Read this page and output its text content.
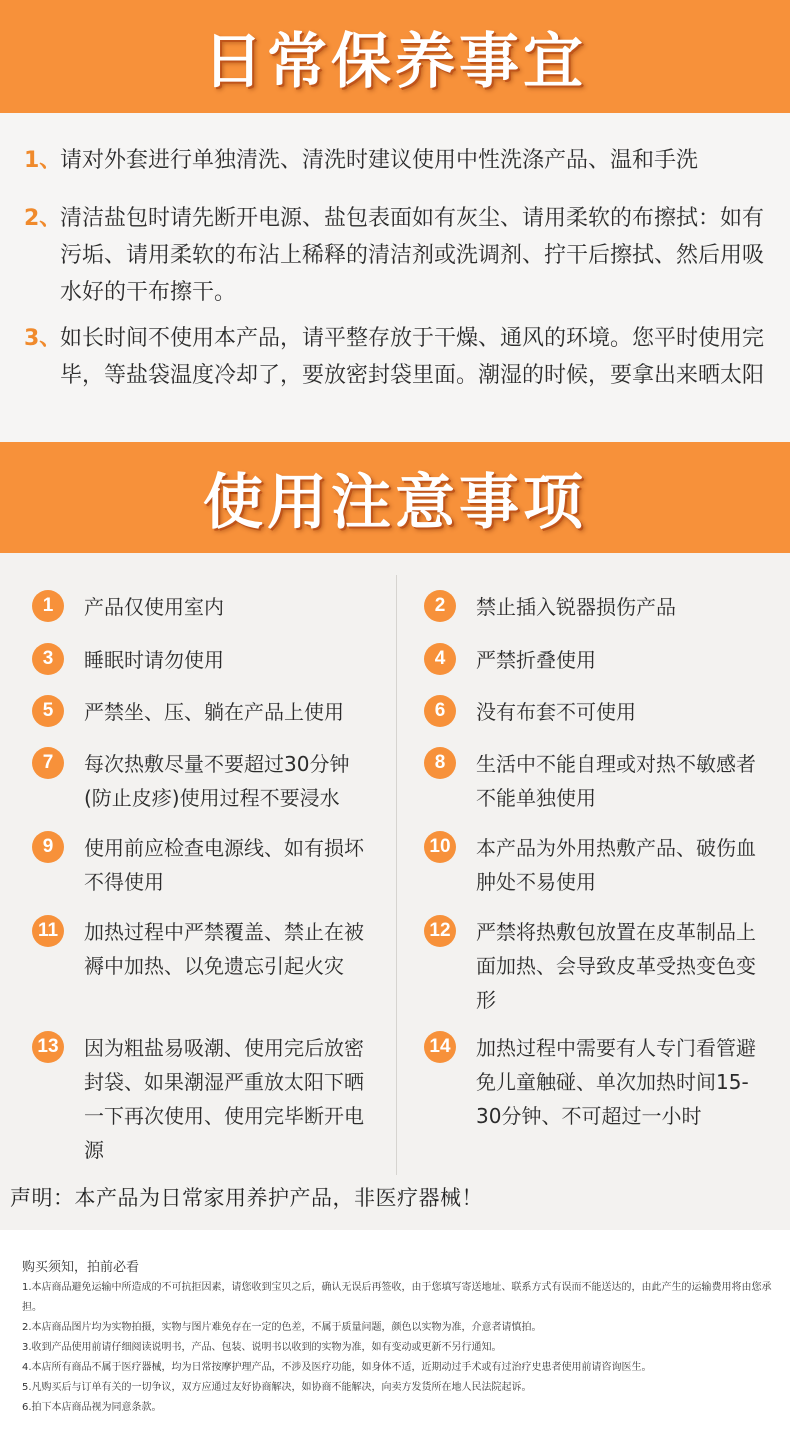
日常保养事宜
1、
请对外套进行单独清洗、清洗时建议使用中性洗涤产品、温和手洗
2、
清洁盐包时请先断开电源、盐包表面如有灰尘、请用柔软的布擦拭：如有污垢、请用柔软的布沾上稀释的清洁剂或洗调剂、拧干后擦拭、然后用吸水好的干布擦干。
3、
如长时间不使用本产品，请平整存放于干燥、通风的环境。您平时使用完毕，等盐袋温度冷却了，要放密封袋里面。潮湿的时候，要拿出来晒太阳
使用注意事项
1	产品仅使用室内	2	禁止插入锐器损伤产品
3	睡眠时请勿使用	4	严禁折叠使用
5	严禁坐、压、躺在产品上使用	6	没有布套不可使用
7	每次热敷尽量不要超过30分钟(防止皮疹)使用过程不要浸水
8	生活中不能自理或对热不敏感者不能单独使用
9	使用前应检查电源线、如有损坏不得使用
10 本产品为外用热敷产品、破伤血肿处不易使用
11 加热过程中严禁覆盖、禁止在被褥中加热、以免遗忘引起火灾
12 严禁将热敷包放置在皮革制品上面加热、会导致皮革受热变色变形
13 因为粗盐易吸潮、使用完后放密封袋、如果潮湿严重放太阳下晒一下再次使用、使用完毕断开电源
14 加热过程中需要有人专门看管避免儿童触碰、单次加热时间15-30分钟、不可超过一小时
声明：本产品为日常家用养护产品，非医疗器械！
购买须知，拍前必看
1.本店商品避免运输中所造成的不可抗拒因素，请您收到宝贝之后，确认无误后再签收，由于您填写寄送地址、联系方式有误而不能送达的，由此产生的运输费用将由您承担。
2.本店商品图片均为实物拍摄，实物与图片难免存在一定的色差，不属于质量问题，颜色以实物为准，介意者请慎拍。
3.收到产品使用前请仔细阅读说明书，产品、包装、说明书以收到的实物为准，如有变动或更新不另行通知。
4.本店所有商品不属于医疗器械，均为日常按摩护理产品，不涉及医疗功能，如身体不适，近期动过手术或有过治疗史患者使用前请咨询医生。
5.凡购买后与订单有关的一切争议，双方应通过友好协商解决，如协商不能解决，向卖方发货所在地人民法院起诉。
6.拍下本店商品视为同意条款。
